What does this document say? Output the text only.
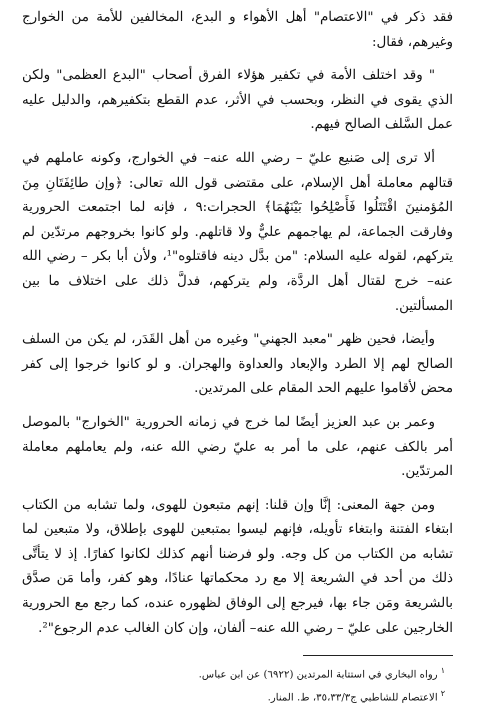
فقد ذكر في "الاعتصام" أهل الأهواء و البدع، المخالفين للأمة من الخوارج وغيرهم، فقال:

" وقد اختلف الأمة في تكفير هؤلاء الفرق أصحاب "البدع العظمى" ولكن الذي يقوى في النظر، وبحسب في الأثر، عدم القطع بتكفيرهم، والدليل عليه عمل السَّلف الصالح فيهم.

ألا ترى إلى صَنيع عليّ – رضي الله عنه– في الخوارج، وكونه عاملهم في قتالهم معاملة أهل الإسلام، على مقتضى قول الله تعالى: ﴿وإن طائِفَتَانِ مِنَ المُؤمنينَ اقْتَتَلُوا فَأَصْلِحُوا بَيْنَهُمَا﴾ الحجرات:٩ ، فإنه لما اجتمعت الحرورية وفارقت الجماعة، لم يهاجمهم عليٌّ ولا قاتلهم. ولو كانوا بخروجهم مرتدّين لم يتركهم، لقوله عليه السلام: "من بدَّل دينه فاقتلوه"¹، ولأن أبا بكر – رضي الله عنه– خرج لقتال أهل الردَّة، ولم يتركهم، فدلَّ ذلك على اختلاف ما بين المسألتين.

وأيضا، فحين ظهر "معبد الجهني" وغيره من أهل القَدَر، لم يكن من السلف الصالح لهم إلا الطرد والإبعاد والعداوة والهجران. و لو كانوا خرجوا إلى كفر محض لأقاموا عليهم الحد المقام على المرتدين.

وعمر بن عبد العزيز أيضًا لما خرج في زمانه الحرورية "الخوارج" بالموصل أمر بالكف عنهم، على ما أمر به عليّ رضي الله عنه، ولم يعاملهم معاملة المرتدّين.

ومن جهة المعنى: إنَّا وإن قلنا: إنهم متبعون للهوى، ولما تشابه من الكتاب ابتغاء الفتنة وابتغاء تأويله، فإنهم ليسوا بمتبعين للهوى بإطلاق، ولا متبعين لما تشابه من الكتاب من كل وجه. ولو فرضنا أنهم كذلك لكانوا كفارًا. إذ لا يتأتَّى ذلك من أحد في الشريعة إلا مع رد محكماتها عنادًا، وهو كفر، وأما مَن صدَّق بالشريعة ومَن جاء بها، فيرجع إلى الوفاق لظهوره عنده، كما رجع مع الحرورية الخارجين على عليّ – رضي الله عنه– ألفان، وإن كان الغالب عدم الرجوع"².

$^١$رواه البخاري في استتابة المرتدين (٦٩٢٢) عن ابن عباس.
$^٢$الاعتصام للشاطبي ج٣٥،٣٣/٣، ط. المنار.
